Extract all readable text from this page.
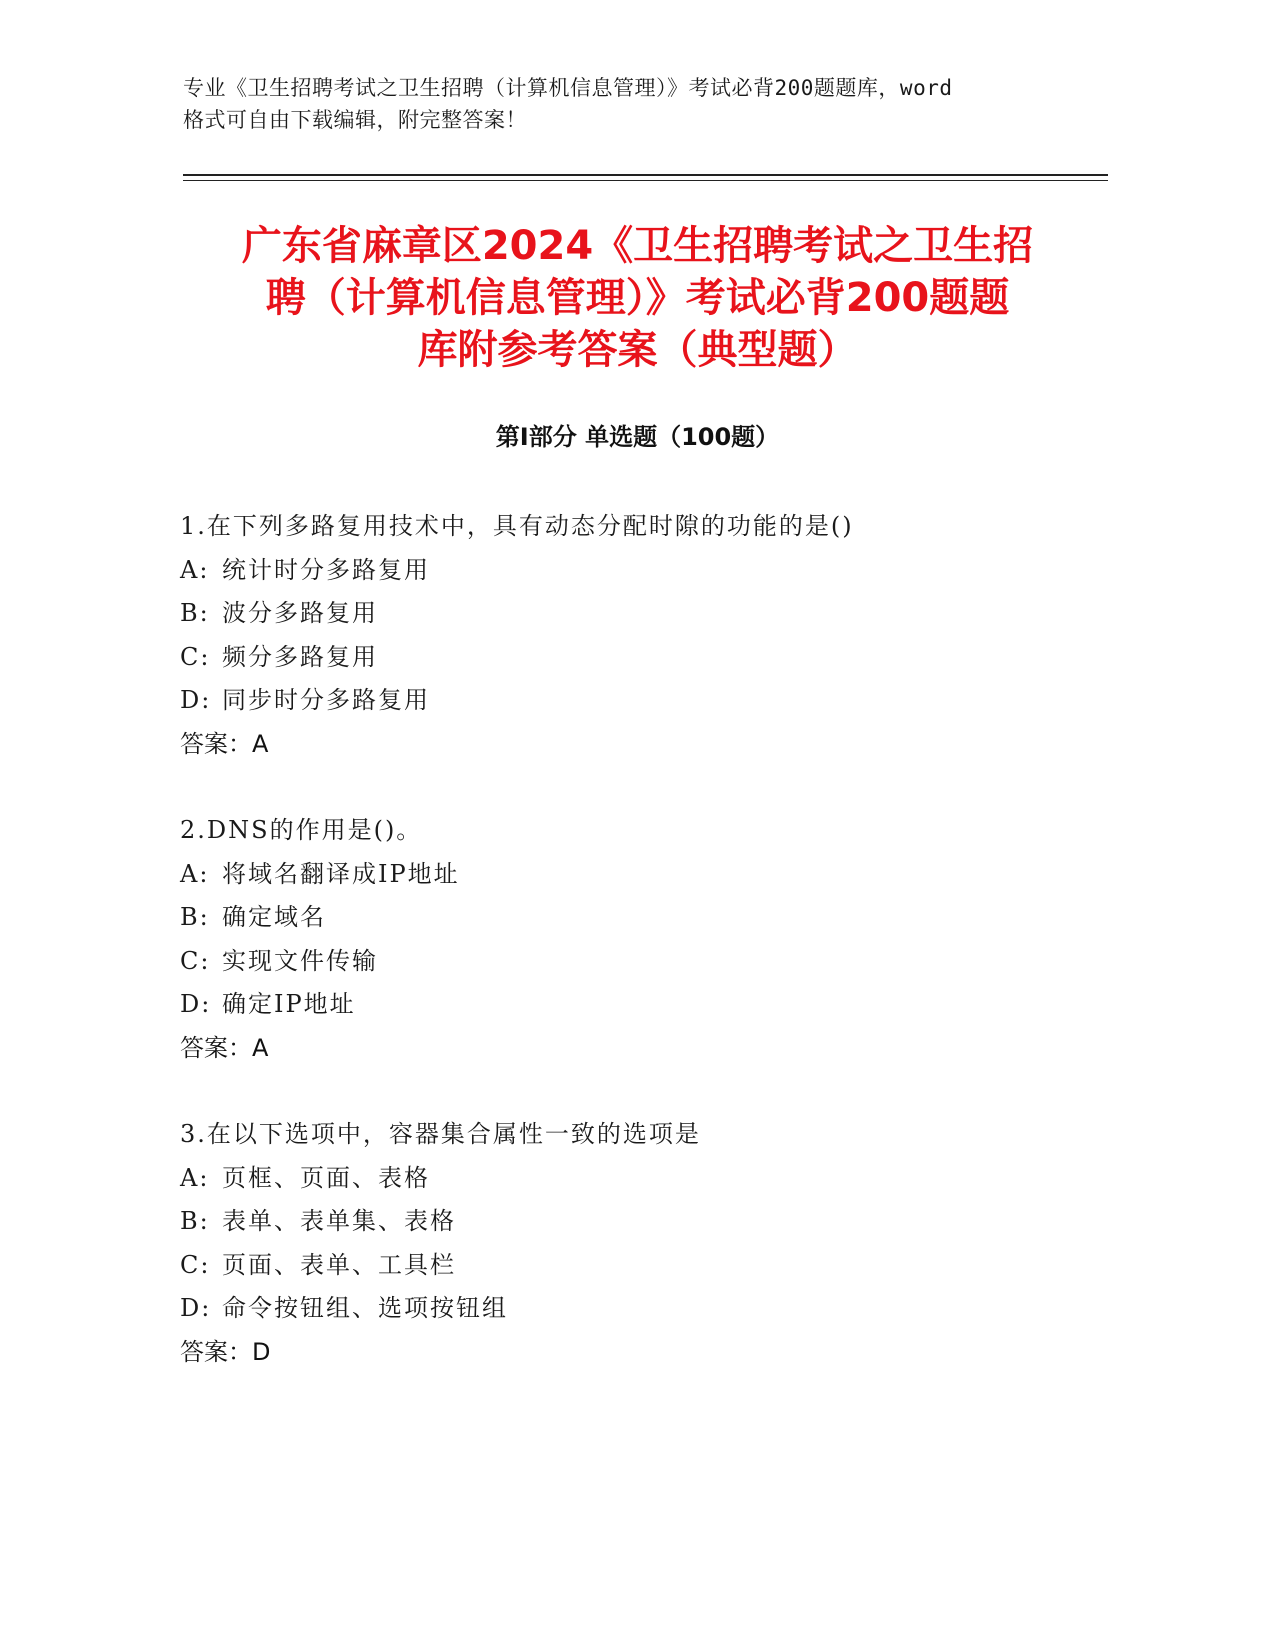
专业《卫生招聘考试之卫生招聘（计算机信息管理）》考试必背200题题库，word
格式可自由下载编辑，附完整答案！
广东省麻章区2024《卫生招聘考试之卫生招
聘（计算机信息管理）》考试必背200题题
库附参考答案（典型题）
第Ⅰ部分 单选题（100题）
1.在下列多路复用技术中，具有动态分配时隙的功能的是()
A: 统计时分多路复用
B: 波分多路复用
C: 频分多路复用
D: 同步时分多路复用
答案：A
2.DNS的作用是()。
A: 将域名翻译成IP地址
B: 确定域名
C: 实现文件传输
D: 确定IP地址
答案：A
3.在以下选项中，容器集合属性一致的选项是
A: 页框、页面、表格
B: 表单、表单集、表格
C: 页面、表单、工具栏
D: 命令按钮组、选项按钮组
答案：D
